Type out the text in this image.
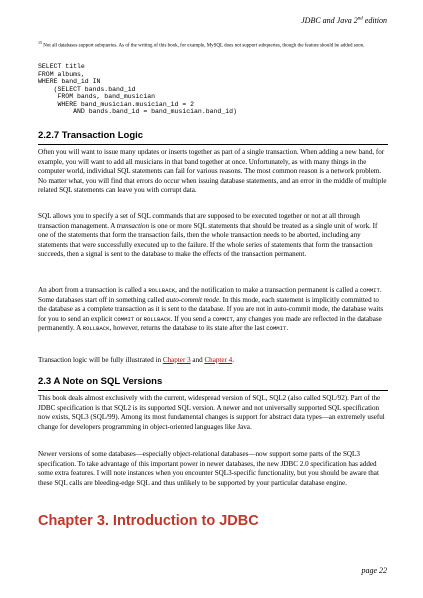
JDBC and Java 2nd edition
$^{15}$ Not all databases support subqueries. As of the writing of this book, for example, MySQL does not support subqueries, though the feature should be added soon.
SELECT title
FROM albums,
WHERE band_id IN
(SELECT bands.band_id
FROM bands, band_musician
WHERE band_musician.musician_id = 2
AND bands.band_id = band_musician.band_id)
2.2.7 Transaction Logic
Often you will want to issue many updates or inserts together as part of a single transaction. When adding a new band, for example, you will want to add all musicians in that band together at once. Unfortunately, as with many things in the computer world, individual SQL statements can fail for various reasons. The most common reason is a network problem. No matter what, you will find that errors do occur when issuing database statements, and an error in the middle of multiple related SQL statements can leave you with corrupt data.
SQL allows you to specify a set of SQL commands that are supposed to be executed together or not at all through transaction management. A transaction is one or more SQL statements that should be treated as a single unit of work. If one of the statements that form the transaction fails, then the whole transaction needs to be aborted, including any statements that were successfully executed up to the failure. If the whole series of statements that form the transaction succeeds, then a signal is sent to the database to make the effects of the transaction permanent.
An abort from a transaction is called a ROLLBACK, and the notification to make a transaction permanent is called a COMMIT. Some databases start off in something called auto-commit mode. In this mode, each statement is implicitly committed to the database as a complete transaction as it is sent to the database. If you are not in auto-commit mode, the database waits for you to send an explicit COMMIT or ROLLBACK. If you send a COMMIT, any changes you made are reflected in the database permanently. A ROLLBACK, however, returns the database to its state after the last COMMIT.
Transaction logic will be fully illustrated in Chapter 3 and Chapter 4.
2.3 A Note on SQL Versions
This book deals almost exclusively with the current, widespread version of SQL, SQL2 (also called SQL/92). Part of the JDBC specification is that SQL2 is its supported SQL version. A newer and not universally supported SQL specification now exists, SQL3 (SQL/99). Among its most fundamental changes is support for abstract data types—an extremely useful change for developers programming in object-oriented languages like Java.
Newer versions of some databases—especially object-relational databases—now support some parts of the SQL3 specification. To take advantage of this important power in newer databases, the new JDBC 2.0 specification has added some extra features. I will note instances when you encounter SQL3-specific functionality, but you should be aware that these SQL calls are bleeding-edge SQL and thus unlikely to be supported by your particular database engine.
Chapter 3. Introduction to JDBC
page 22
